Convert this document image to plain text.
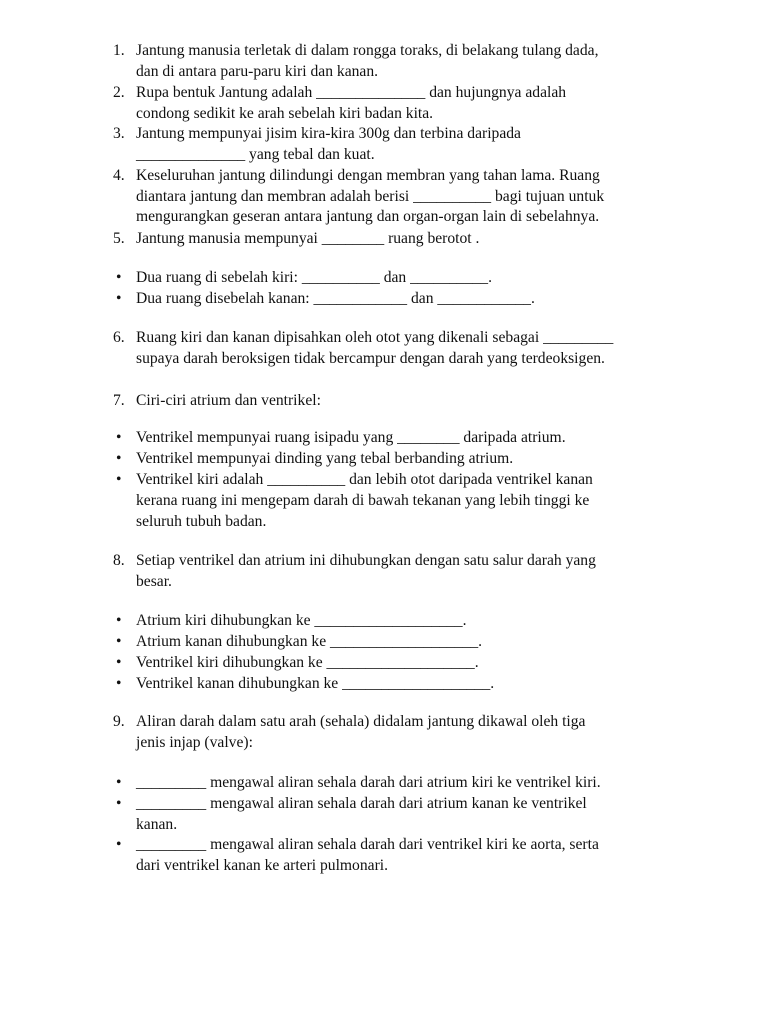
1. Jantung manusia terletak di dalam rongga toraks, di belakang tulang dada,
dan di antara paru-paru kiri dan kanan.
2. Rupa bentuk Jantung adalah ______________ dan hujungnya adalah
condong sedikit ke arah sebelah kiri badan kita.
3. Jantung mempunyai jisim kira-kira 300g dan terbina daripada
______________ yang tebal dan kuat.
4. Keseluruhan jantung dilindungi dengan membran yang tahan lama. Ruang
diantara jantung dan membran adalah berisi __________ bagi tujuan untuk
mengurangkan geseran antara jantung dan organ-organ lain di sebelahnya.
5. Jantung manusia mempunyai ________ ruang berotot .
• Dua ruang di sebelah kiri: __________ dan __________.
• Dua ruang disebelah kanan: ____________ dan ____________.
6. Ruang kiri dan kanan dipisahkan oleh otot yang dikenali sebagai _________
supaya darah beroksigen tidak bercampur dengan darah yang terdeoksigen.
7. Ciri-ciri atrium dan ventrikel:
• Ventrikel mempunyai ruang isipadu yang ________ daripada atrium.
• Ventrikel mempunyai dinding yang tebal berbanding atrium.
• Ventrikel kiri adalah __________ dan lebih otot daripada ventrikel kanan
kerana ruang ini mengepam darah di bawah tekanan yang lebih tinggi ke
seluruh tubuh badan.
8. Setiap ventrikel dan atrium ini dihubungkan dengan satu salur darah yang
besar.
• Atrium kiri dihubungkan ke ___________________.
• Atrium kanan dihubungkan ke ___________________.
• Ventrikel kiri dihubungkan ke ___________________.
• Ventrikel kanan dihubungkan ke ___________________.
9. Aliran darah dalam satu arah (sehala) didalam jantung dikawal oleh tiga
jenis injap (valve):
• _________ mengawal aliran sehala darah dari atrium kiri ke ventrikel kiri.
• _________ mengawal aliran sehala darah dari atrium kanan ke ventrikel
kanan.
• _________ mengawal aliran sehala darah dari ventrikel kiri ke aorta, serta
dari ventrikel kanan ke arteri pulmonari.
